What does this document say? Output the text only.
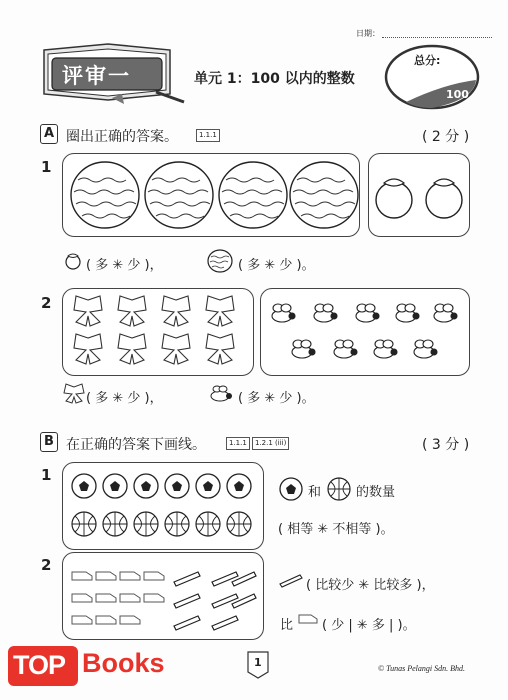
日期：
评审一	单元 1：100 以内的整数
总分:
100
A 圈出正确的答案。	1.1.1	( 2 分 )
1
( 多 ✳ 少 )，	( 多 ✳ 少 )。
2
( 多 ✳ 少 )，	( 多 ✳ 少 )。
B 在正确的答案下画线。	1.1.1	1.2.1 (iii)	( 3 分 )
1
和	的数量
( 相等 ✳ 不相等 )。
2
( 比较少 ✳ 比较多 )，
比 ( 少 | ✳ 多 | )。
1	© Tunas Pelangi Sdn. Bhd.
TOP Books
